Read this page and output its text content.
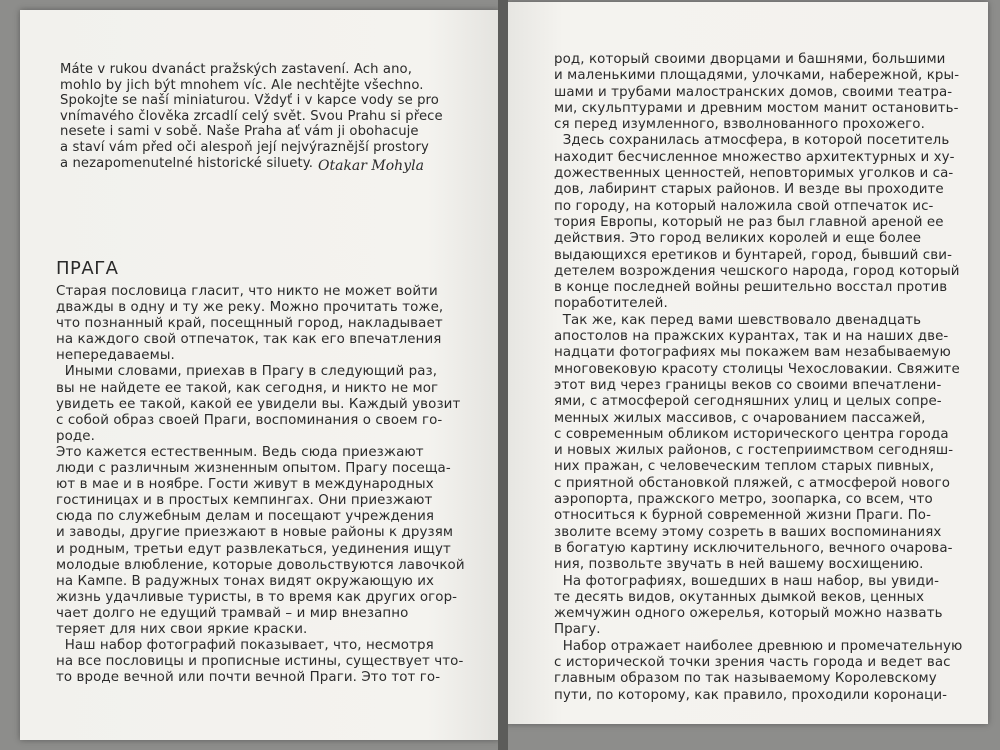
Máte v rukou dvanáct pražských zastavení. Ach ano,
mohlo by jich být mnohem víc. Ale nechtějte všechno.
Spokojte se naší miniaturou. Vždyť i v kapce vody se pro
vnímavého člověka zrcadlí celý svět. Svou Prahu si přece
nesete i sami v sobě. Naše Praha ať vám ji obohacuje
a staví vám před oči alespoň její nejvýraznější prostory
a nezapomenutelné historické siluety. Otakar Mohyla
ПРАГА
Старая пословица гласит, что никто не может войти
дважды в одну и ту же реку. Можно прочитать тоже,
что познанный край, посещнный город, накладывает
на каждого свой отпечаток, так как его впечатления
непередаваемы.
Иными словами, приехав в Прагу в следующий раз,
вы не найдете ее такой, как сегодня, и никто не мог
увидеть ее такой, какой ее увидели вы. Каждый увозит
с собой образ своей Праги, воспоминания о своем го-
роде.
Это кажется естественным. Ведь сюда приезжают
люди с различным жизненным опытом. Прагу посеща-
ют в мае и в ноябре. Гости живут в международных
гостиницах и в простых кемпингах. Они приезжают
сюда по служебным делам и посещают учреждения
и заводы, другие приезжают в новые районы к друзям
и родным, третьи едут развлекаться, уединения ищут
молодые влюбление, которые довольствуются лавочкой
на Кампе. В радужных тонах видят окружающую их
жизнь удачливые туристы, в то время как других огор-
чает долго не едущий трамвай – и мир внезапно
теряет для них свои яркие краски.
Наш набор фотографий показывает, что, несмотря
на все пословицы и прописные истины, существует что-
то вроде вечной или почти вечной Праги. Это тот го-
род, который своими дворцами и башнями, большими
и маленькими площадями, улочками, набережной, кры-
шами и трубами малостранских домов, своими театра-
ми, скульптурами и древним мостом манит остановить-
ся перед изумленного, взволнованного прохожего.
Здесь сохранилась атмосфера, в которой посетитель
находит бесчисленное множество архитектурных и ху-
дожественных ценностей, неповторимых уголков и са-
дов, лабиринт старых районов. И везде вы проходите
по городу, на который наложила свой отпечаток ис-
тория Европы, который не раз был главной ареной ее
действия. Это город великих королей и еще более
выдающихся еретиков и бунтарей, город, бывший сви-
детелем возрождения чешского народа, город который
в конце последней войны решительно восстал против
поработителей.
Так же, как перед вами шевствовало двенадцать
апостолов на пражских курантах, так и на наших две-
надцати фотографиях мы покажем вам незабываемую
многовековую красоту столицы Чехословакии. Свяжите
этот вид через границы веков со своими впечатлени-
ями, с атмосферой сегодняшних улиц и целых сопре-
менных жилых массивов, с очарованием пассажей,
с современным обликом исторического центра города
и новых жилых районов, с гостеприимством сегодняш-
них пражан, с человеческим теплом старых пивных,
с приятной обстановкой пляжей, с атмосферой нового
аэропорта, пражского метро, зоопарка, со всем, что
относиться к бурной современной жизни Праги. По-
зволите всему этому созреть в ваших воспоминаниях
в богатую картину исключительного, вечного очарова-
ния, позвольте звучать в ней вашему восхищению.
На фотографиях, вошедших в наш набор, вы увиди-
те десять видов, окутанных дымкой веков, ценных
жемчужин одного ожерелья, который можно назвать
Прагу.
Набор отражает наиболее древнюю и промечательную
с исторической точки зрения часть города и ведет вас
главным образом по так называемому Королевскому
пути, по которому, как правило, проходили коронаци-
